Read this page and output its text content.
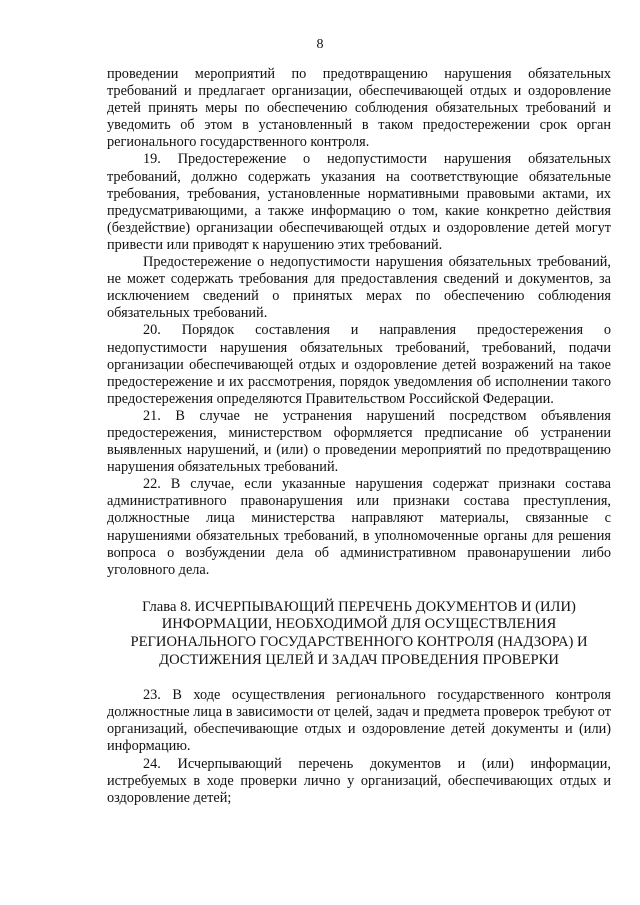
8

проведении мероприятий по предотвращению нарушения обязательных требований и предлагает организации, обеспечивающей отдых и оздоровление детей принять меры по обеспечению соблюдения обязательных требований и уведомить об этом в установленный в таком предостережении срок орган регионального государственного контроля.

19. Предостережение о недопустимости нарушения обязательных требований, должно содержать указания на соответствующие обязательные требования, требования, установленные нормативными правовыми актами, их предусматривающими, а также информацию о том, какие конкретно действия (бездействие) организации обеспечивающей отдых и оздоровление детей могут привести или приводят к нарушению этих требований.

Предостережение о недопустимости нарушения обязательных требований, не может содержать требования для предоставления сведений и документов, за исключением сведений о принятых мерах по обеспечению соблюдения обязательных требований.

20. Порядок составления и направления предостережения о недопустимости нарушения обязательных требований, требований, подачи организации обеспечивающей отдых и оздоровление детей возражений на такое предостережение и их рассмотрения, порядок уведомления об исполнении такого предостережения определяются Правительством Российской Федерации.

21. В случае не устранения нарушений посредством объявления предостережения, министерством оформляется предписание об устранении выявленных нарушений, и (или) о проведении мероприятий по предотвращению нарушения обязательных требований.

22. В случае, если указанные нарушения содержат признаки состава административного правонарушения или признаки состава преступления, должностные лица министерства направляют материалы, связанные с нарушениями обязательных требований, в уполномоченные органы для решения вопроса о возбуждении дела об административном правонарушении либо уголовного дела.

Глава 8. ИСЧЕРПЫВАЮЩИЙ ПЕРЕЧЕНЬ ДОКУМЕНТОВ И (ИЛИ) ИНФОРМАЦИИ, НЕОБХОДИМОЙ ДЛЯ ОСУЩЕСТВЛЕНИЯ РЕГИОНАЛЬНОГО ГОСУДАРСТВЕННОГО КОНТРОЛЯ (НАДЗОРА) И ДОСТИЖЕНИЯ ЦЕЛЕЙ И ЗАДАЧ ПРОВЕДЕНИЯ ПРОВЕРКИ

23. В ходе осуществления регионального государственного контроля должностные лица в зависимости от целей, задач и предмета проверок требуют от организаций, обеспечивающие отдых и оздоровление детей документы и (или) информацию.

24. Исчерпывающий перечень документов и (или) информации, истребуемых в ходе проверки лично у организаций, обеспечивающих отдых и оздоровление детей;
